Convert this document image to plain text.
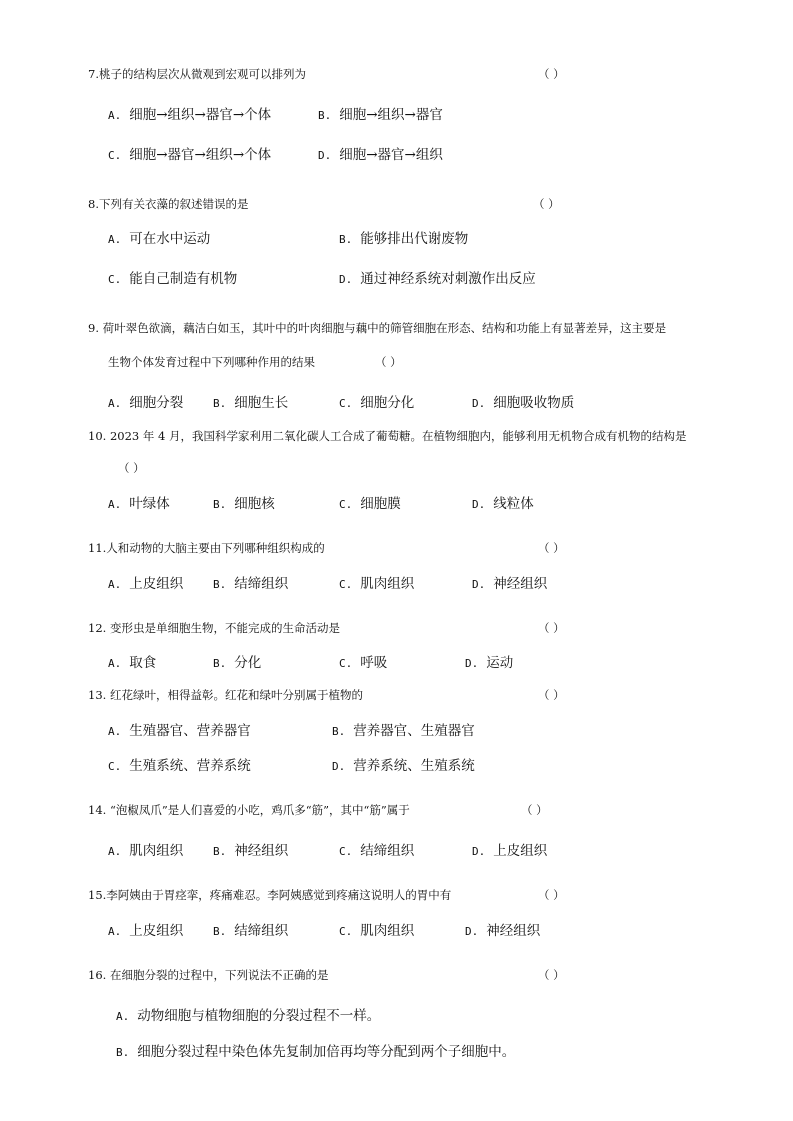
7.桃子的结构层次从微观到宏观可以排列为	（ ）
A. 细胞→组织→器官→个体	B. 细胞→组织→器官
C. 细胞→器官→组织→个体	D. 细胞→器官→组织
8.下列有关衣藻的叙述错误的是	（ ）
A. 可在水中运动	B. 能够排出代谢废物
C. 能自己制造有机物	D. 通过神经系统对刺激作出反应
9. 荷叶翠色欲滴，藕洁白如玉，其叶中的叶肉细胞与藕中的筛管细胞在形态、结构和功能上有显著差异，这主要是
生物个体发育过程中下列哪种作用的结果	（ ）
A. 细胞分裂	B. 细胞生长	C. 细胞分化	D. 细胞吸收物质
10. 2023 年 4 月，我国科学家利用二氧化碳人工合成了葡萄糖。在植物细胞内，能够利用无机物合成有机物的结构是
（ ）
A. 叶绿体	B. 细胞核	C. 细胞膜	D. 线粒体
11.人和动物的大脑主要由下列哪种组织构成的	（ ）
A. 上皮组织	B. 结缔组织	C. 肌肉组织	D. 神经组织
12. 变形虫是单细胞生物，不能完成的生命活动是	（ ）
A. 取食	B. 分化	C. 呼吸	D. 运动
13. 红花绿叶，相得益彰。红花和绿叶分别属于植物的	（ ）
A. 生殖器官、营养器官	B. 营养器官、生殖器官
C. 生殖系统、营养系统	D. 营养系统、生殖系统
14. “泡椒凤爪”是人们喜爱的小吃，鸡爪多“筋”，其中“筋”属于	（ ）
A. 肌肉组织	B. 神经组织	C. 结缔组织	D. 上皮组织
15.李阿姨由于胃痉挛，疼痛难忍。李阿姨感觉到疼痛这说明人的胃中有	（ ）
A. 上皮组织	B. 结缔组织	C. 肌肉组织	D. 神经组织
16. 在细胞分裂的过程中，下列说法不正确的是	（ ）
A. 动物细胞与植物细胞的分裂过程不一样。
B. 细胞分裂过程中染色体先复制加倍再均等分配到两个子细胞中。
